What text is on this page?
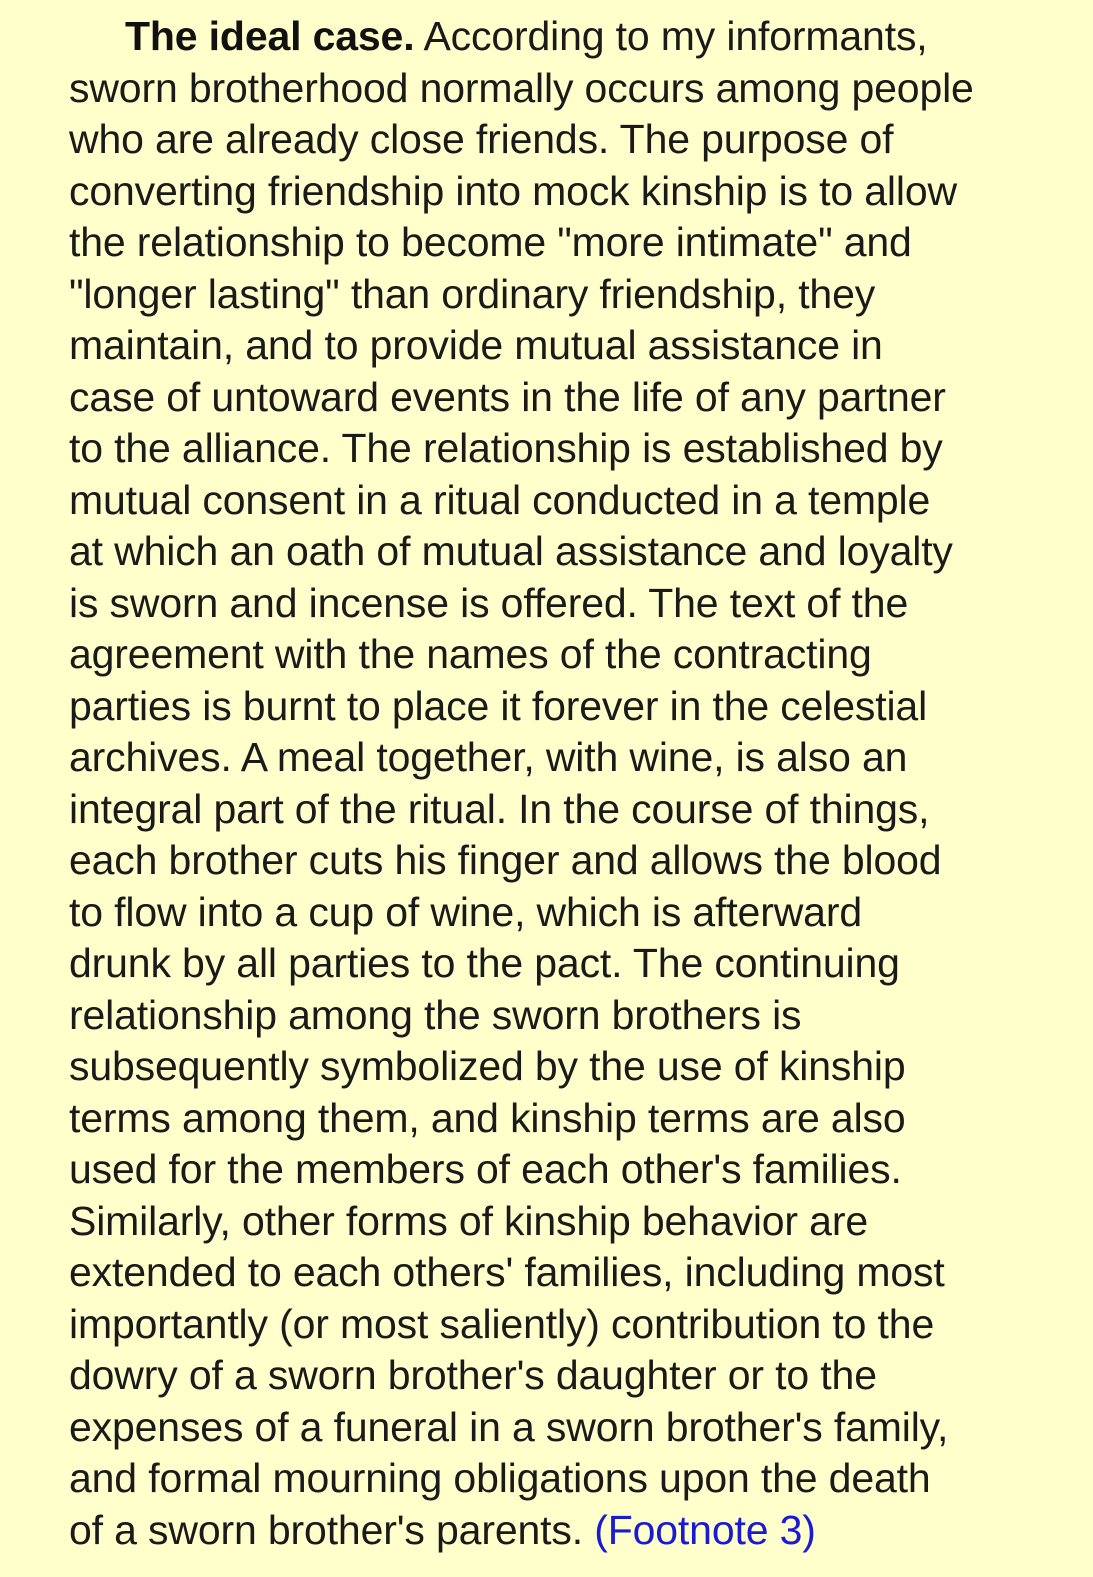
The ideal case. According to my informants,
sworn brotherhood normally occurs among people
who are already close friends. The purpose of
converting friendship into mock kinship is to allow
the relationship to become "more intimate" and
"longer lasting" than ordinary friendship, they
maintain, and to provide mutual assistance in
case of untoward events in the life of any partner
to the alliance. The relationship is established by
mutual consent in a ritual conducted in a temple
at which an oath of mutual assistance and loyalty
is sworn and incense is offered. The text of the
agreement with the names of the contracting
parties is burnt to place it forever in the celestial
archives. A meal together, with wine, is also an
integral part of the ritual. In the course of things,
each brother cuts his finger and allows the blood
to flow into a cup of wine, which is afterward
drunk by all parties to the pact. The continuing
relationship among the sworn brothers is
subsequently symbolized by the use of kinship
terms among them, and kinship terms are also
used for the members of each other's families.
Similarly, other forms of kinship behavior are
extended to each others' families, including most
importantly (or most saliently) contribution to the
dowry of a sworn brother's daughter or to the
expenses of a funeral in a sworn brother's family,
and formal mourning obligations upon the death
of a sworn brother's parents. (Footnote 3)
